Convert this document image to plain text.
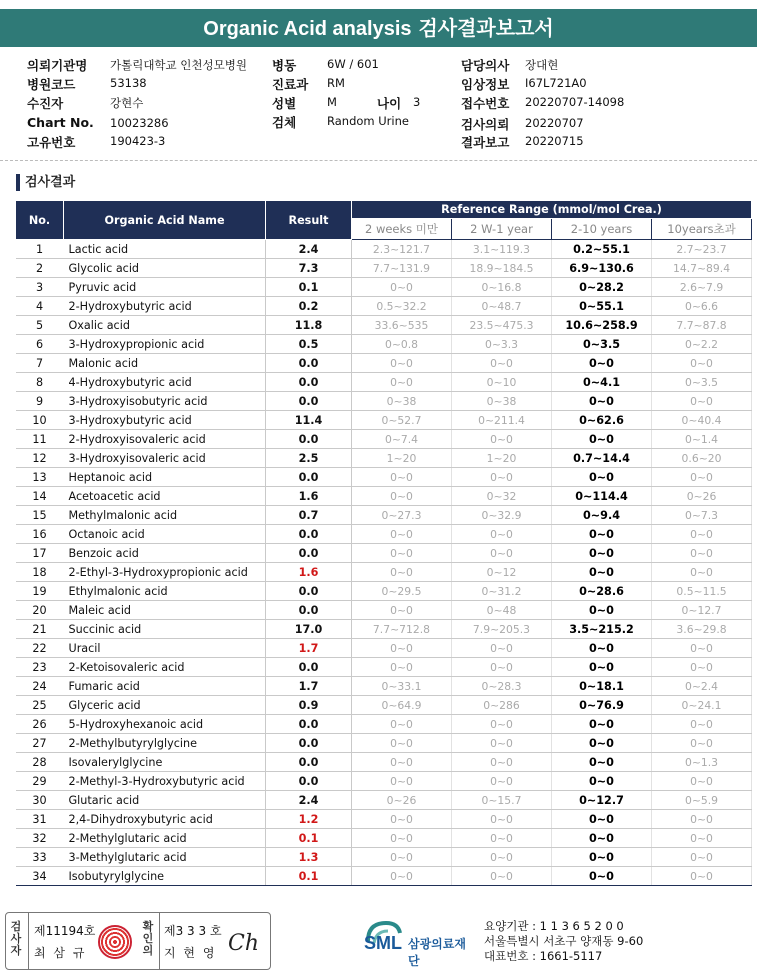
Organic Acid analysis 검사결과보고서
의뢰기관명 가톨릭대학교 인천성모병원 병동	6W / 601	담당의사 장대현
병원코드	53138	진료과 RM	임상정보 I67L721A0
수진자	강현수	성별	M	나이 3	접수번호 20220707-14098
Chart No. 10023286	검체	Random Urine	검사의뢰 20220707
고유번호	190423-3	결과보고 20220715
검사결과
No.	Organic Acid Name	Result	Reference Range (mmol/mol Crea.)			
			2 weeks 미만	2 W-1 year	2-10 years	10years초과
1	Lactic acid	2.4	2.3~121.7	3.1~119.3	0.2~55.1	2.7~23.7
2	Glycolic acid	7.3	7.7~131.9	18.9~184.5	6.9~130.6	14.7~89.4
3	Pyruvic acid	0.1	0~0	0~16.8	0~28.2	2.6~7.9
4	2-Hydroxybutyric acid	0.2	0.5~32.2	0~48.7	0~55.1	0~6.6
5	Oxalic acid	11.8	33.6~535	23.5~475.3	10.6~258.9	7.7~87.8
6	3-Hydroxypropionic acid	0.5	0~0.8	0~3.3	0~3.5	0~2.2
7	Malonic acid	0.0	0~0	0~0	0~0	0~0
8	4-Hydroxybutyric acid	0.0	0~0	0~10	0~4.1	0~3.5
9	3-Hydroxyisobutyric acid	0.0	0~38	0~38	0~0	0~0
10	3-Hydroxybutyric acid	11.4	0~52.7	0~211.4	0~62.6	0~40.4
11	2-Hydroxyisovaleric acid	0.0	0~7.4	0~0	0~0	0~1.4
12	3-Hydroxyisovaleric acid	2.5	1~20	1~20	0.7~14.4	0.6~20
13	Heptanoic acid	0.0	0~0	0~0	0~0	0~0
14	Acetoacetic acid	1.6	0~0	0~32	0~114.4	0~26
15	Methylmalonic acid	0.7	0~27.3	0~32.9	0~9.4	0~7.3
16	Octanoic acid	0.0	0~0	0~0	0~0	0~0
17	Benzoic acid	0.0	0~0	0~0	0~0	0~0
18	2-Ethyl-3-Hydroxypropionic acid	1.6	0~0	0~12	0~0	0~0
19	Ethylmalonic acid	0.0	0~29.5	0~31.2	0~28.6	0.5~11.5
20	Maleic acid	0.0	0~0	0~48	0~0	0~12.7
21	Succinic acid	17.0	7.7~712.8	7.9~205.3	3.5~215.2	3.6~29.8
22	Uracil	1.7	0~0	0~0	0~0	0~0
23	2-Ketoisovaleric acid	0.0	0~0	0~0	0~0	0~0
24	Fumaric acid	1.7	0~33.1	0~28.3	0~18.1	0~2.4
25	Glyceric acid	0.9	0~64.9	0~286	0~76.9	0~24.1
26	5-Hydroxyhexanoic acid	0.0	0~0	0~0	0~0	0~0
27	2-Methylbutyrylglycine	0.0	0~0	0~0	0~0	0~0
28	Isovalerylglycine	0.0	0~0	0~0	0~0	0~1.3
29	2-Methyl-3-Hydroxybutyric acid	0.0	0~0	0~0	0~0	0~0
30	Glutaric acid	2.4	0~26	0~15.7	0~12.7	0~5.9
31	2,4-Dihydroxybutyric acid	1.2	0~0	0~0	0~0	0~0
32	2-Methylglutaric acid	0.1	0~0	0~0	0~0	0~0
33	3-Methylglutaric acid	1.3	0~0	0~0	0~0	0~0
34	Isobutyrylglycine	0.1	0~0	0~0	0~0	0~0
검사자
제11194호
최 삼 규
확인의
제3 3 3 호
지 현 영 Ch	SML 삼광의료재단
요양기관 : 1 1 3 6 5 2 0 0
서울특별시 서초구 양재동 9-60
대표번호 : 1661-5117
